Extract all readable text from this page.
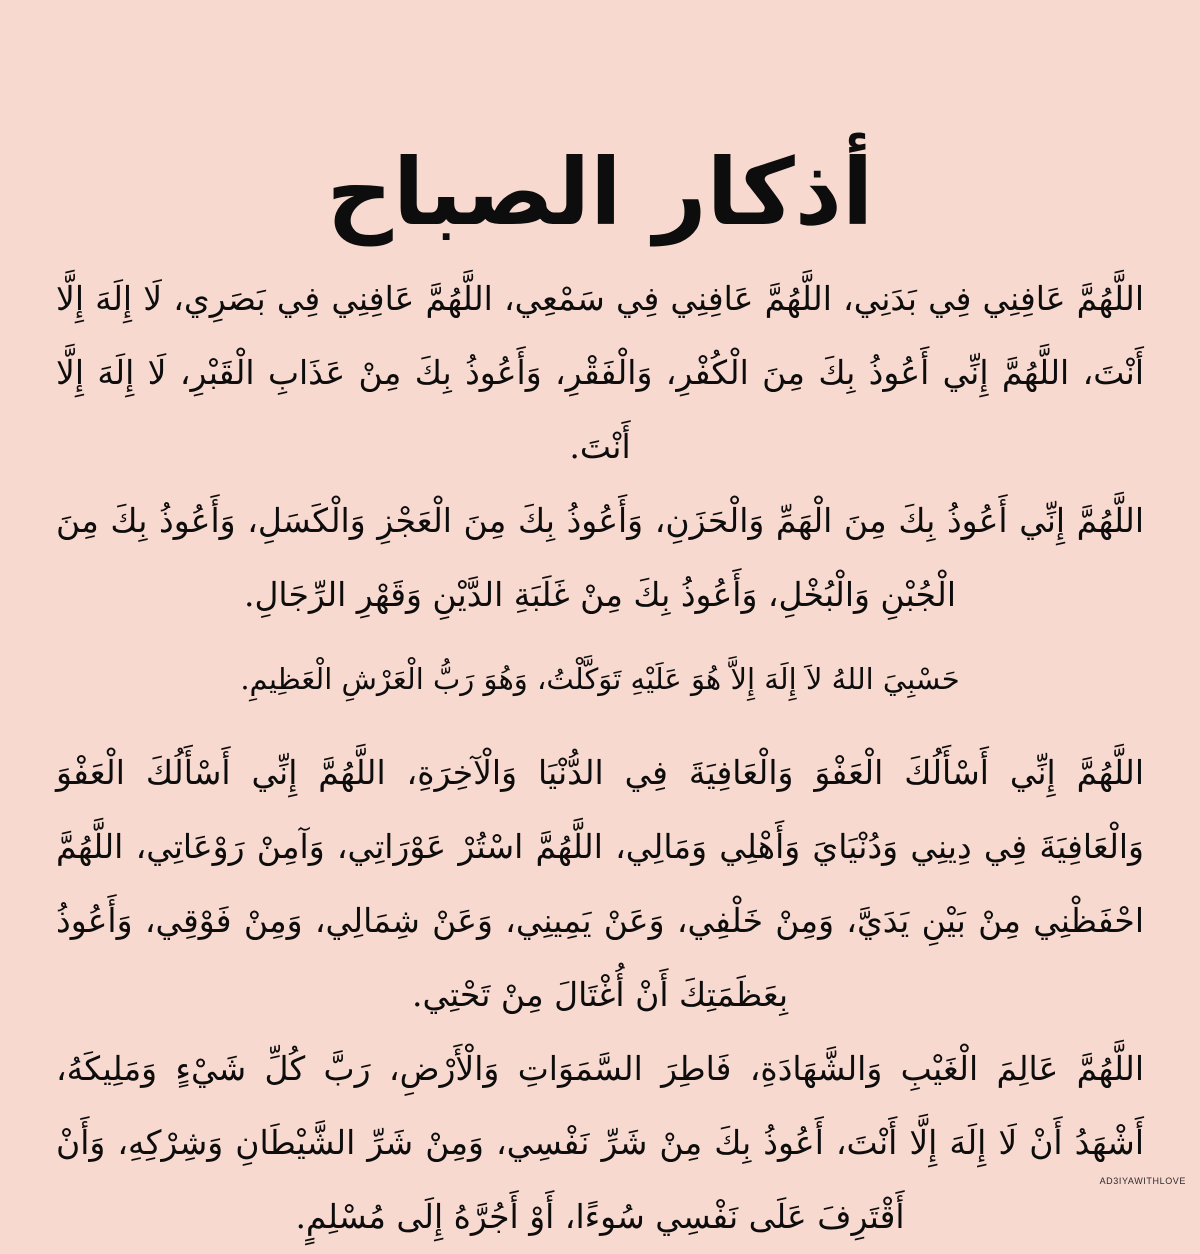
أذكار الصباح

اللَّهُمَّ عَافِنِي فِي بَدَنِي، اللَّهُمَّ عَافِنِي فِي سَمْعِي، اللَّهُمَّ عَافِنِي فِي بَصَرِي، لَا إِلَهَ إِلَّا أَنْتَ، اللَّهُمَّ إِنِّي أَعُوذُ بِكَ مِنَ الْكُفْرِ، وَالْفَقْرِ، وَأَعُوذُ بِكَ مِنْ عَذَابِ الْقَبْرِ، لَا إِلَهَ إِلَّا أَنْتَ.

اللَّهُمَّ إِنِّي أَعُوذُ بِكَ مِنَ الْهَمِّ وَالْحَزَنِ، وَأَعُوذُ بِكَ مِنَ الْعَجْزِ وَالْكَسَلِ، وَأَعُوذُ بِكَ مِنَ الْجُبْنِ وَالْبُخْلِ، وَأَعُوذُ بِكَ مِنْ غَلَبَةِ الدَّيْنِ وَقَهْرِ الرِّجَالِ.

حَسْبِيَ اللهُ لاَ إِلَهَ إِلاَّ هُوَ عَلَيْهِ تَوَكَّلْتُ، وَهُوَ رَبُّ الْعَرْشِ الْعَظِيمِ.

اللَّهُمَّ إِنِّي أَسْأَلُكَ الْعَفْوَ وَالْعَافِيَةَ فِي الدُّنْيَا وَالْآخِرَةِ، اللَّهُمَّ إِنِّي أَسْأَلُكَ الْعَفْوَ وَالْعَافِيَةَ فِي دِينِي وَدُنْيَايَ وَأَهْلِي وَمَالِي، اللَّهُمَّ اسْتُرْ عَوْرَاتِي، وَآمِنْ رَوْعَاتِي، اللَّهُمَّ احْفَظْنِي مِنْ بَيْنِ يَدَيَّ، وَمِنْ خَلْفِي، وَعَنْ يَمِينِي، وَعَنْ شِمَالِي، وَمِنْ فَوْقِي، وَأَعُوذُ بِعَظَمَتِكَ أَنْ أُغْتَالَ مِنْ تَحْتِي.

اللَّهُمَّ عَالِمَ الْغَيْبِ وَالشَّهَادَةِ، فَاطِرَ السَّمَوَاتِ وَالْأَرْضِ، رَبَّ كُلِّ شَيْءٍ وَمَلِيكَهُ، أَشْهَدُ أَنْ لَا إِلَهَ إِلَّا أَنْتَ، أَعُوذُ بِكَ مِنْ شَرِّ نَفْسِي، وَمِنْ شَرِّ الشَّيْطَانِ وَشِرْكِهِ، وَأَنْ أَقْتَرِفَ عَلَى نَفْسِي سُوءًا، أَوْ أَجُرَّهُ إِلَى مُسْلِمٍ.

AD3IYAWITHLOVE
